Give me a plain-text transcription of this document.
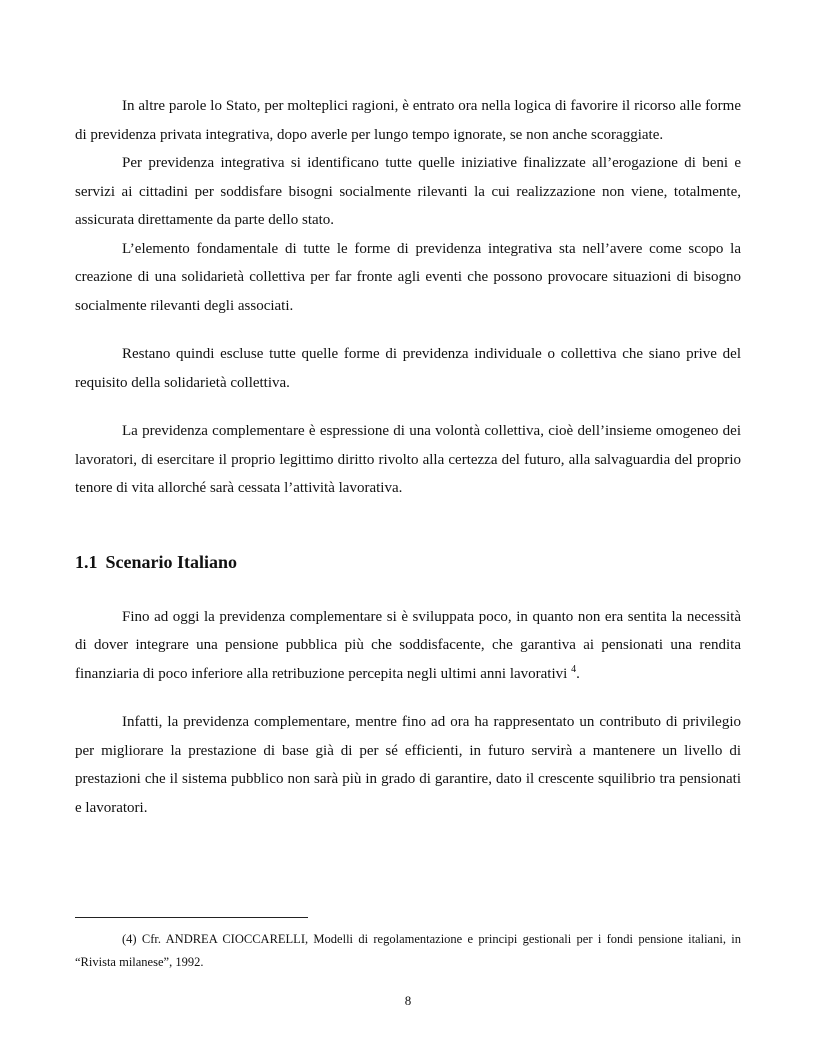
In altre parole lo Stato, per molteplici ragioni, è entrato ora nella logica di favorire il ricorso alle forme di previdenza privata integrativa, dopo averle per lungo tempo ignorate, se non anche scoraggiate.

Per previdenza integrativa si identificano tutte quelle iniziative finalizzate all’erogazione di beni e servizi ai cittadini per soddisfare bisogni socialmente rilevanti la cui realizzazione non viene, totalmente, assicurata direttamente da parte dello stato.

L’elemento fondamentale di tutte le forme di previdenza integrativa sta nell’avere come scopo la creazione di una solidarietà collettiva per far fronte agli eventi che possono provocare situazioni di bisogno socialmente rilevanti degli associati.

Restano quindi escluse tutte quelle forme di previdenza individuale o collettiva che siano prive del requisito della solidarietà collettiva.

La previdenza complementare è espressione di una volontà collettiva, cioè dell’insieme omogeneo dei lavoratori, di esercitare il proprio legittimo diritto rivolto alla certezza del futuro, alla salvaguardia del proprio tenore di vita allorché sarà cessata l’attività lavorativa.

1.1 Scenario Italiano

Fino ad oggi la previdenza complementare si è sviluppata poco, in quanto non era sentita la necessità di dover integrare una pensione pubblica più che soddisfacente, che garantiva ai pensionati una rendita finanziaria di poco inferiore alla retribuzione percepita negli ultimi anni lavorativi $^4$.

Infatti, la previdenza complementare, mentre fino ad ora ha rappresentato un contributo di privilegio per migliorare la prestazione di base già di per sé efficienti, in futuro servirà a mantenere un livello di prestazioni che il sistema pubblico non sarà più in grado di garantire, dato il crescente squilibrio tra pensionati e lavoratori.

(4) Cfr. ANDREA CIOCCARELLI, Modelli di regolamentazione e principi gestionali per i fondi pensione italiani, in “Rivista milanese”, 1992.

8
